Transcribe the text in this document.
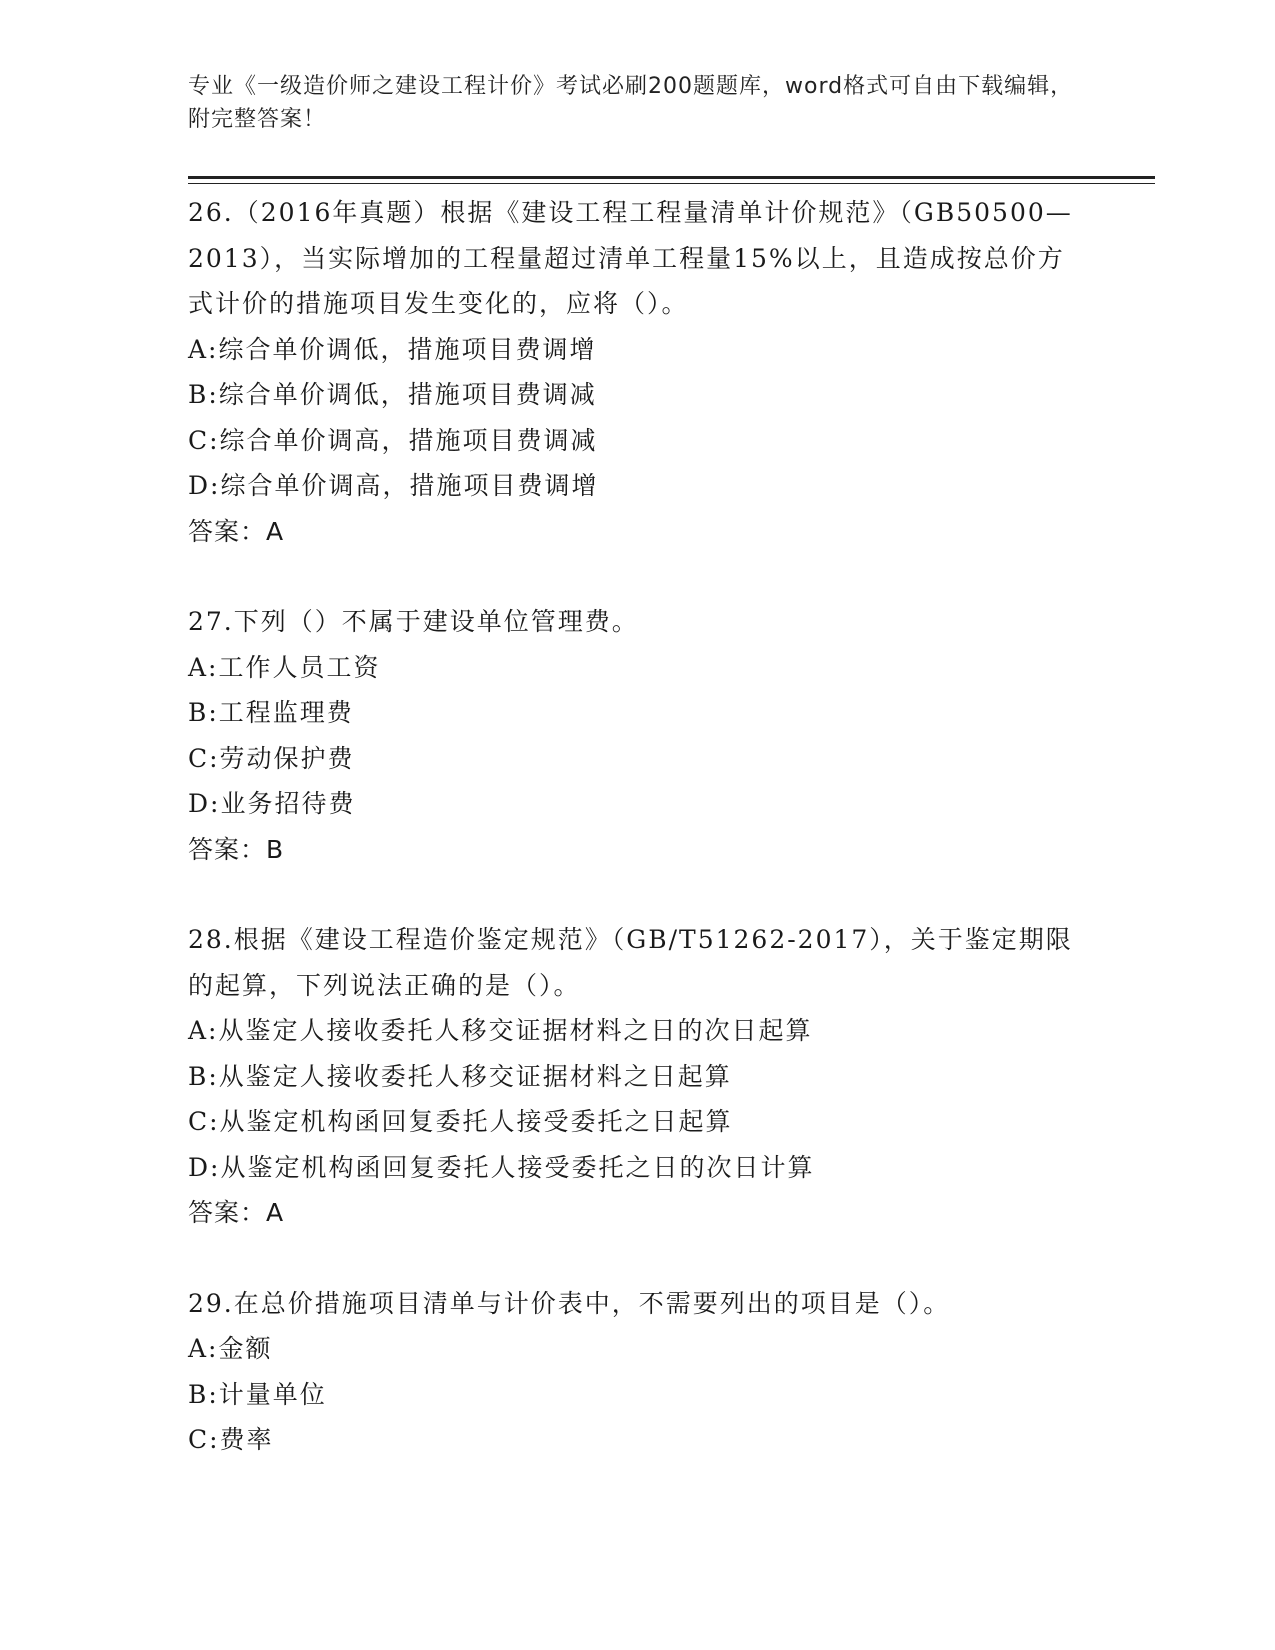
专业《一级造价师之建设工程计价》考试必刷200题题库，word格式可自由下载编辑，附完整答案！
26.（2016年真题）根据《建设工程工程量清单计价规范》（GB50500—2013），当实际增加的工程量超过清单工程量15%以上，且造成按总价方式计价的措施项目发生变化的，应将（）。
A:综合单价调低，措施项目费调增
B:综合单价调低，措施项目费调减
C:综合单价调高，措施项目费调减
D:综合单价调高，措施项目费调增
答案：A
27.下列（）不属于建设单位管理费。
A:工作人员工资
B:工程监理费
C:劳动保护费
D:业务招待费
答案：B
28.根据《建设工程造价鉴定规范》（GB/T51262-2017），关于鉴定期限的起算，下列说法正确的是（）。
A:从鉴定人接收委托人移交证据材料之日的次日起算
B:从鉴定人接收委托人移交证据材料之日起算
C:从鉴定机构函回复委托人接受委托之日起算
D:从鉴定机构函回复委托人接受委托之日的次日计算
答案：A
29.在总价措施项目清单与计价表中，不需要列出的项目是（）。
A:金额
B:计量单位
C:费率
